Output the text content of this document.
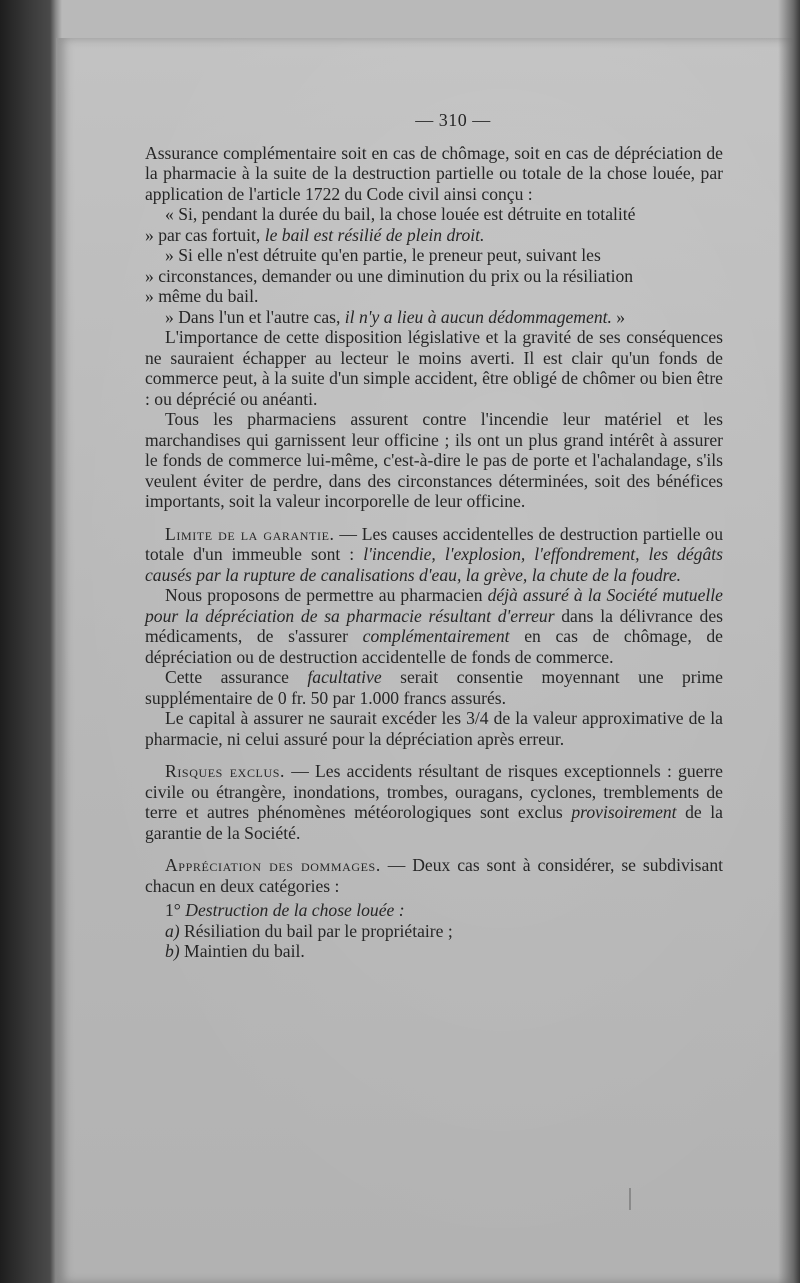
— 310 —

Assurance complémentaire soit en cas de chômage, soit en cas de dépréciation de la pharmacie à la suite de la destruction partielle ou totale de la chose louée, par application de l'article 1722 du Code civil ainsi conçu :

« Si, pendant la durée du bail, la chose louée est détruite en totalité

» par cas fortuit, le bail est résilié de plein droit.

» Si elle n'est détruite qu'en partie, le preneur peut, suivant les

» circonstances, demander ou une diminution du prix ou la résiliation

» même du bail.

» Dans l'un et l'autre cas, il n'y a lieu à aucun dédommagement. »

L'importance de cette disposition législative et la gravité de ses conséquences ne sauraient échapper au lecteur le moins averti. Il est clair qu'un fonds de commerce peut, à la suite d'un simple accident, être obligé de chômer ou bien être : ou déprécié ou anéanti.

Tous les pharmaciens assurent contre l'incendie leur matériel et les marchandises qui garnissent leur officine ; ils ont un plus grand intérêt à assurer le fonds de commerce lui-même, c'est-à-dire le pas de porte et l'achalandage, s'ils veulent éviter de perdre, dans des circonstances déterminées, soit des bénéfices importants, soit la valeur incorporelle de leur officine.

Limite de la garantie. — Les causes accidentelles de destruction partielle ou totale d'un immeuble sont : l'incendie, l'explosion, l'effondrement, les dégâts causés par la rupture de canalisations d'eau, la grève, la chute de la foudre.

Nous proposons de permettre au pharmacien déjà assuré à la Société mutuelle pour la dépréciation de sa pharmacie résultant d'erreur dans la délivrance des médicaments, de s'assurer complémentairement en cas de chômage, de dépréciation ou de destruction accidentelle de fonds de commerce.

Cette assurance facultative serait consentie moyennant une prime supplémentaire de 0 fr. 50 par 1.000 francs assurés.

Le capital à assurer ne saurait excéder les 3/4 de la valeur approximative de la pharmacie, ni celui assuré pour la dépréciation après erreur.

Risques exclus. — Les accidents résultant de risques exceptionnels : guerre civile ou étrangère, inondations, trombes, ouragans, cyclones, tremblements de terre et autres phénomènes météorologiques sont exclus provisoirement de la garantie de la Société.

Appréciation des dommages. — Deux cas sont à considérer, se subdivisant chacun en deux catégories :

1° Destruction de la chose louée :

a) Résiliation du bail par le propriétaire ;

b) Maintien du bail.
